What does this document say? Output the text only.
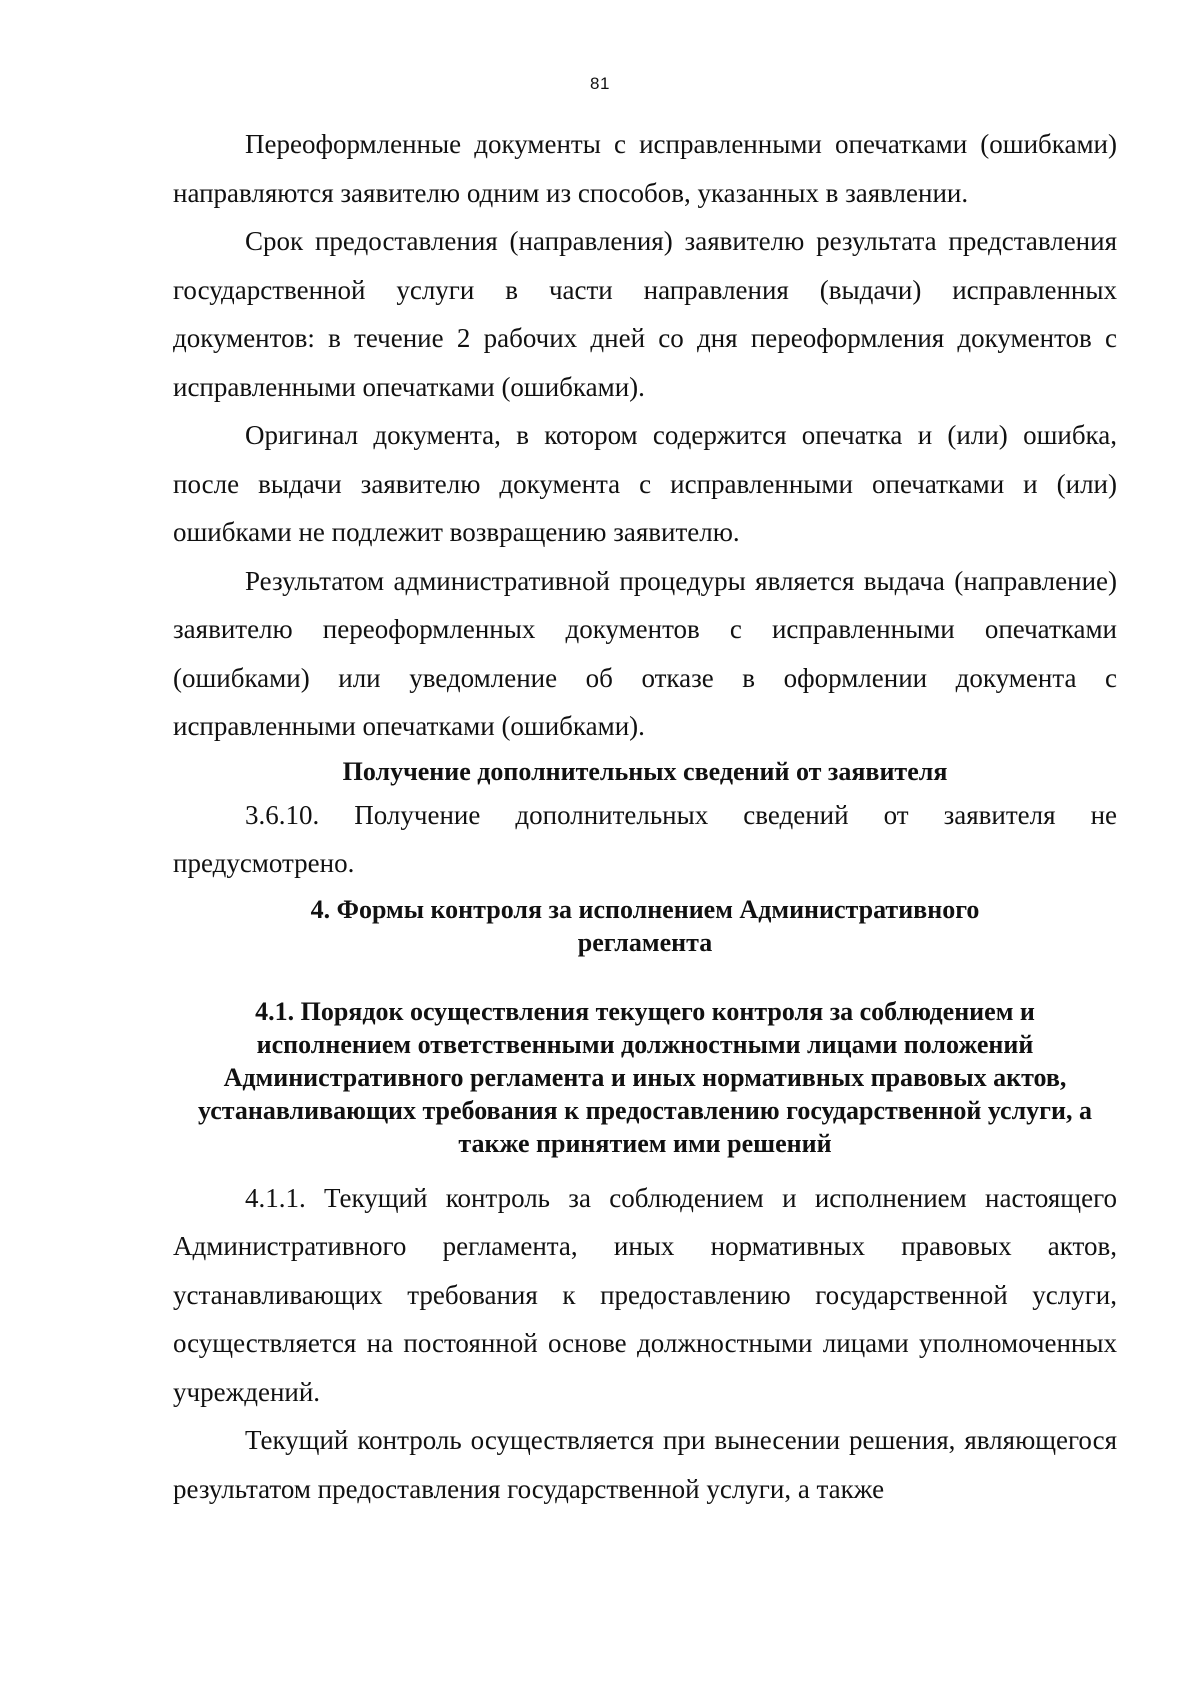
81

Переоформленные документы с исправленными опечатками (ошибками) направляются заявителю одним из способов, указанных в заявлении.

Срок предоставления (направления) заявителю результата представления государственной услуги в части направления (выдачи) исправленных документов: в течение 2 рабочих дней со дня переоформления документов с исправленными опечатками (ошибками).

Оригинал документа, в котором содержится опечатка и (или) ошибка, после выдачи заявителю документа с исправленными опечатками и (или) ошибками не подлежит возвращению заявителю.

Результатом административной процедуры является выдача (направление) заявителю переоформленных документов с исправленными опечатками (ошибками) или уведомление об отказе в оформлении документа с исправленными опечатками (ошибками).

Получение дополнительных сведений от заявителя

3.6.10. Получение дополнительных сведений от заявителя не предусмотрено.

4. Формы контроля за исполнением Административного регламента
4.1. Порядок осуществления текущего контроля за соблюдением и исполнением ответственными должностными лицами положений Административного регламента и иных нормативных правовых актов, устанавливающих требования к предоставлению государственной услуги, а также принятием ими решений

4.1.1. Текущий контроль за соблюдением и исполнением настоящего Административного регламента, иных нормативных правовых актов, устанавливающих требования к предоставлению государственной услуги, осуществляется на постоянной основе должностными лицами уполномоченных учреждений.

Текущий контроль осуществляется при вынесении решения, являющегося результатом предоставления государственной услуги, а также
